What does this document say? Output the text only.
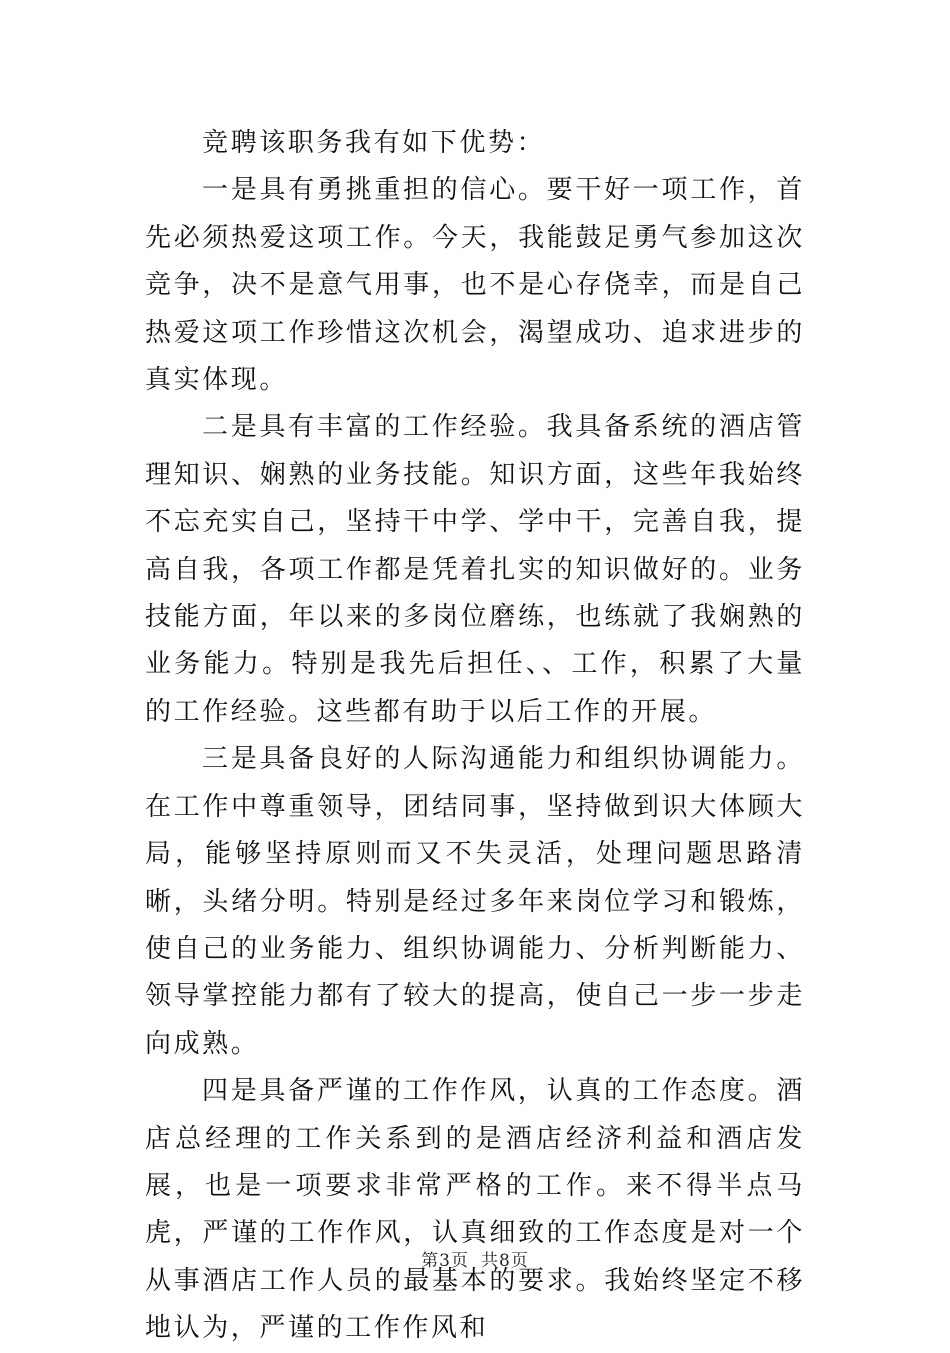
竞聘该职务我有如下优势：

一是具有勇挑重担的信心。要干好一项工作，首先必须热爱这项工作。今天，我能鼓足勇气参加这次竞争，决不是意气用事，也不是心存侥幸，而是自己热爱这项工作珍惜这次机会，渴望成功、追求进步的真实体现。

二是具有丰富的工作经验。我具备系统的酒店管理知识、娴熟的业务技能。知识方面，这些年我始终不忘充实自己，坚持干中学、学中干，完善自我，提高自我，各项工作都是凭着扎实的知识做好的。业务技能方面，年以来的多岗位磨练，也练就了我娴熟的业务能力。特别是我先后担任、、工作，积累了大量的工作经验。这些都有助于以后工作的开展。

三是具备良好的人际沟通能力和组织协调能力。在工作中尊重领导，团结同事，坚持做到识大体顾大局，能够坚持原则而又不失灵活，处理问题思路清晰，头绪分明。特别是经过多年来岗位学习和锻炼，使自己的业务能力、组织协调能力、分析判断能力、领导掌控能力都有了较大的提高，使自己一步一步走向成熟。

四是具备严谨的工作作风，认真的工作态度。酒店总经理的工作关系到的是酒店经济利益和酒店发展，也是一项要求非常严格的工作。来不得半点马虎，严谨的工作作风，认真细致的工作态度是对一个从事酒店工作人员的最基本的要求。我始终坚定不移地认为，严谨的工作作风和

第3页 共8页
